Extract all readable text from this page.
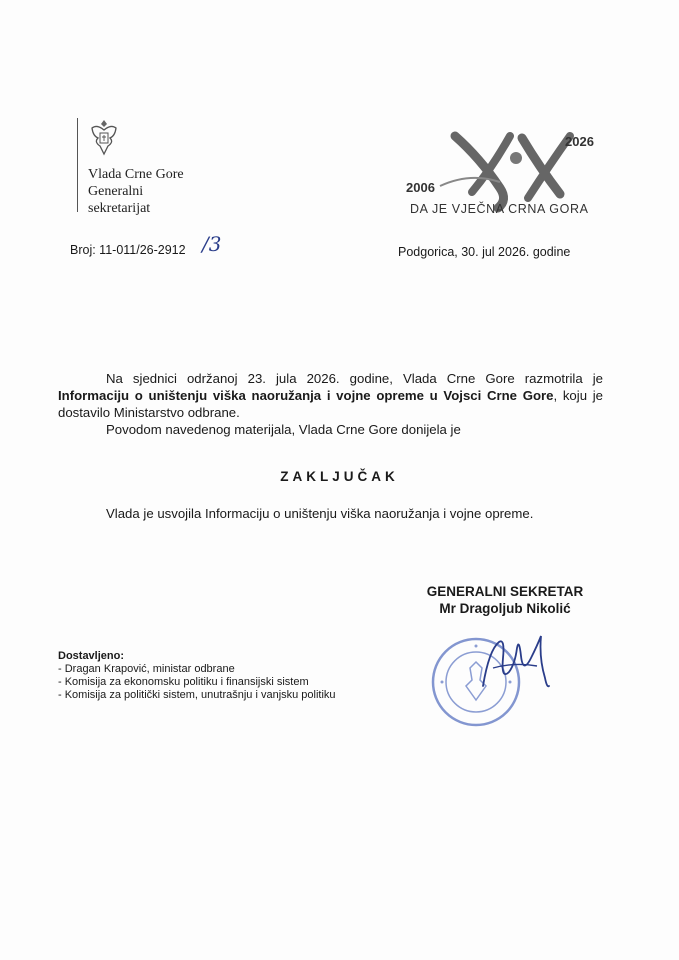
Vlada Crne Gore
Generalni
sekretarijat
2006
2026
DA JE VJEČNA CRNA GORA
Broj: 11-011/26-2912 /3	Podgorica, 30. jul 2026. godine

Na sjednici održanoj 23. jula 2026. godine, Vlada Crne Gore razmotrila je Informaciju o uništenju viška naoružanja i vojne opreme u Vojsci Crne Gore, koju je dostavilo Ministarstvo odbrane.

Povodom navedenog materijala, Vlada Crne Gore donijela je

ZAKLJUČAK

Vlada je usvojila Informaciju o uništenju viška naoružanja i vojne opreme.

GENERALNI SEKRETAR
Mr Dragoljub Nikolić
Dostavljeno:
- Dragan Krapović, ministar odbrane
- Komisija za ekonomsku politiku i finansijski sistem
- Komisija za politički sistem, unutrašnju i vanjsku politiku
